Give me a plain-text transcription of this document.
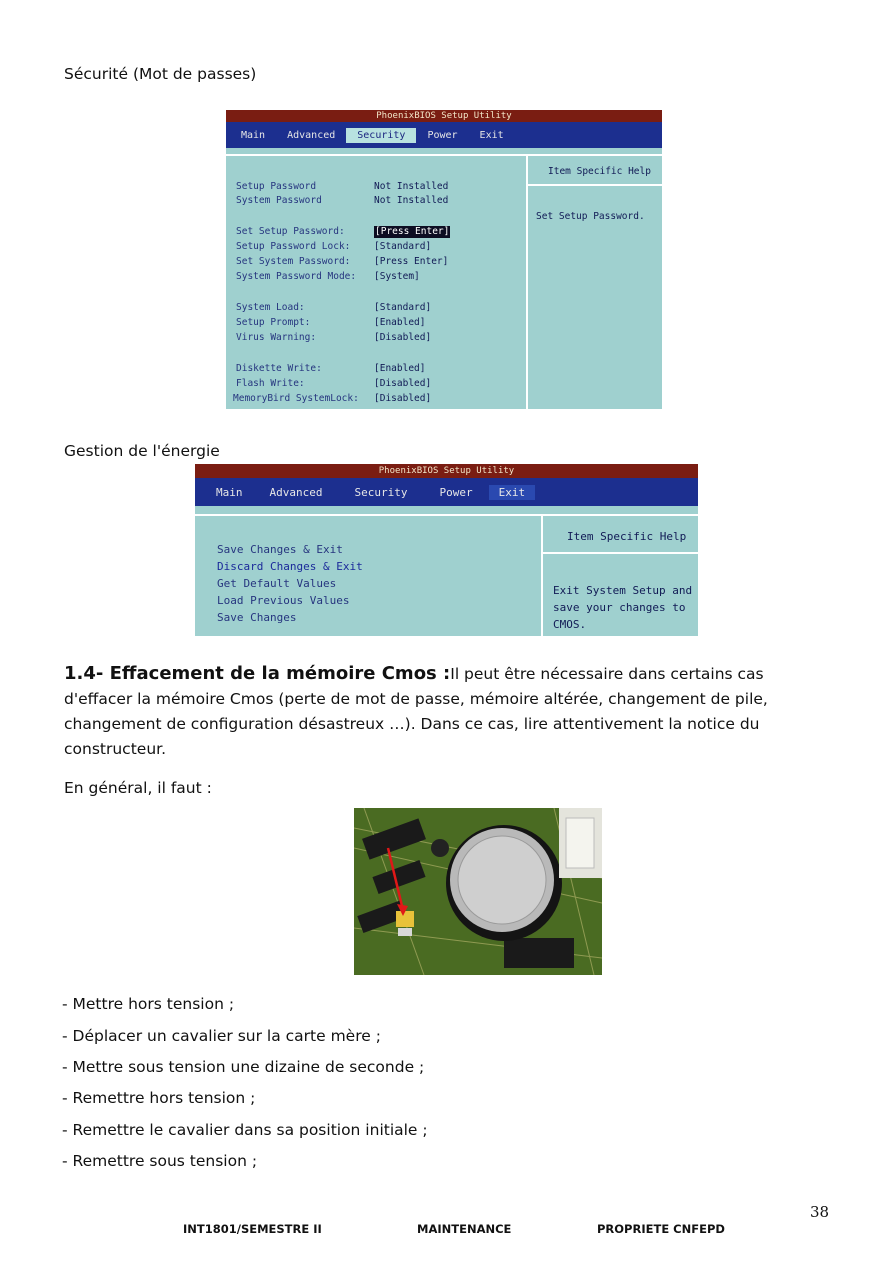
Sécurité (Mot de passes)
PhoenixBIOS Setup Utility
Main	Advanced	Security	Power	Exit
Setup Password	Not Installed
System Password	Not Installed
Set Setup Password:	[Press Enter]
Setup Password Lock: [Standard]
Set System Password: [Press Enter]
System Password Mode: [System]
System Load:	[Standard]
Setup Prompt:	[Enabled]
Virus Warning:	[Disabled]
Diskette Write:	[Enabled]
Flash Write:	[Disabled]
MemoryBird SystemLock: [Disabled]
Item Specific Help
Set Setup Password.
Gestion de l'énergie
PhoenixBIOS Setup Utility
Main	Advanced	Security	Power	Exit
Save Changes & Exit
Discard Changes & Exit
Get Default Values
Load Previous Values
Save Changes
Item Specific Help
Exit System Setup and
save your changes to
CMOS.
1.4- Effacement de la mémoire Cmos :Il peut être nécessaire dans certains cas
d'effacer la mémoire Cmos (perte de mot de passe, mémoire altérée, changement de pile,
changement de configuration désastreux …). Dans ce cas, lire attentivement la notice du
constructeur.
En général, il faut :
- Mettre hors tension ;
- Déplacer un cavalier sur la carte mère ;
- Mettre sous tension une dizaine de seconde ;
- Remettre hors tension ;
- Remettre le cavalier dans sa position initiale ;
- Remettre sous tension ;
38
INT1801/SEMESTRE II	MAINTENANCE	PROPRIETE CNFEPD
